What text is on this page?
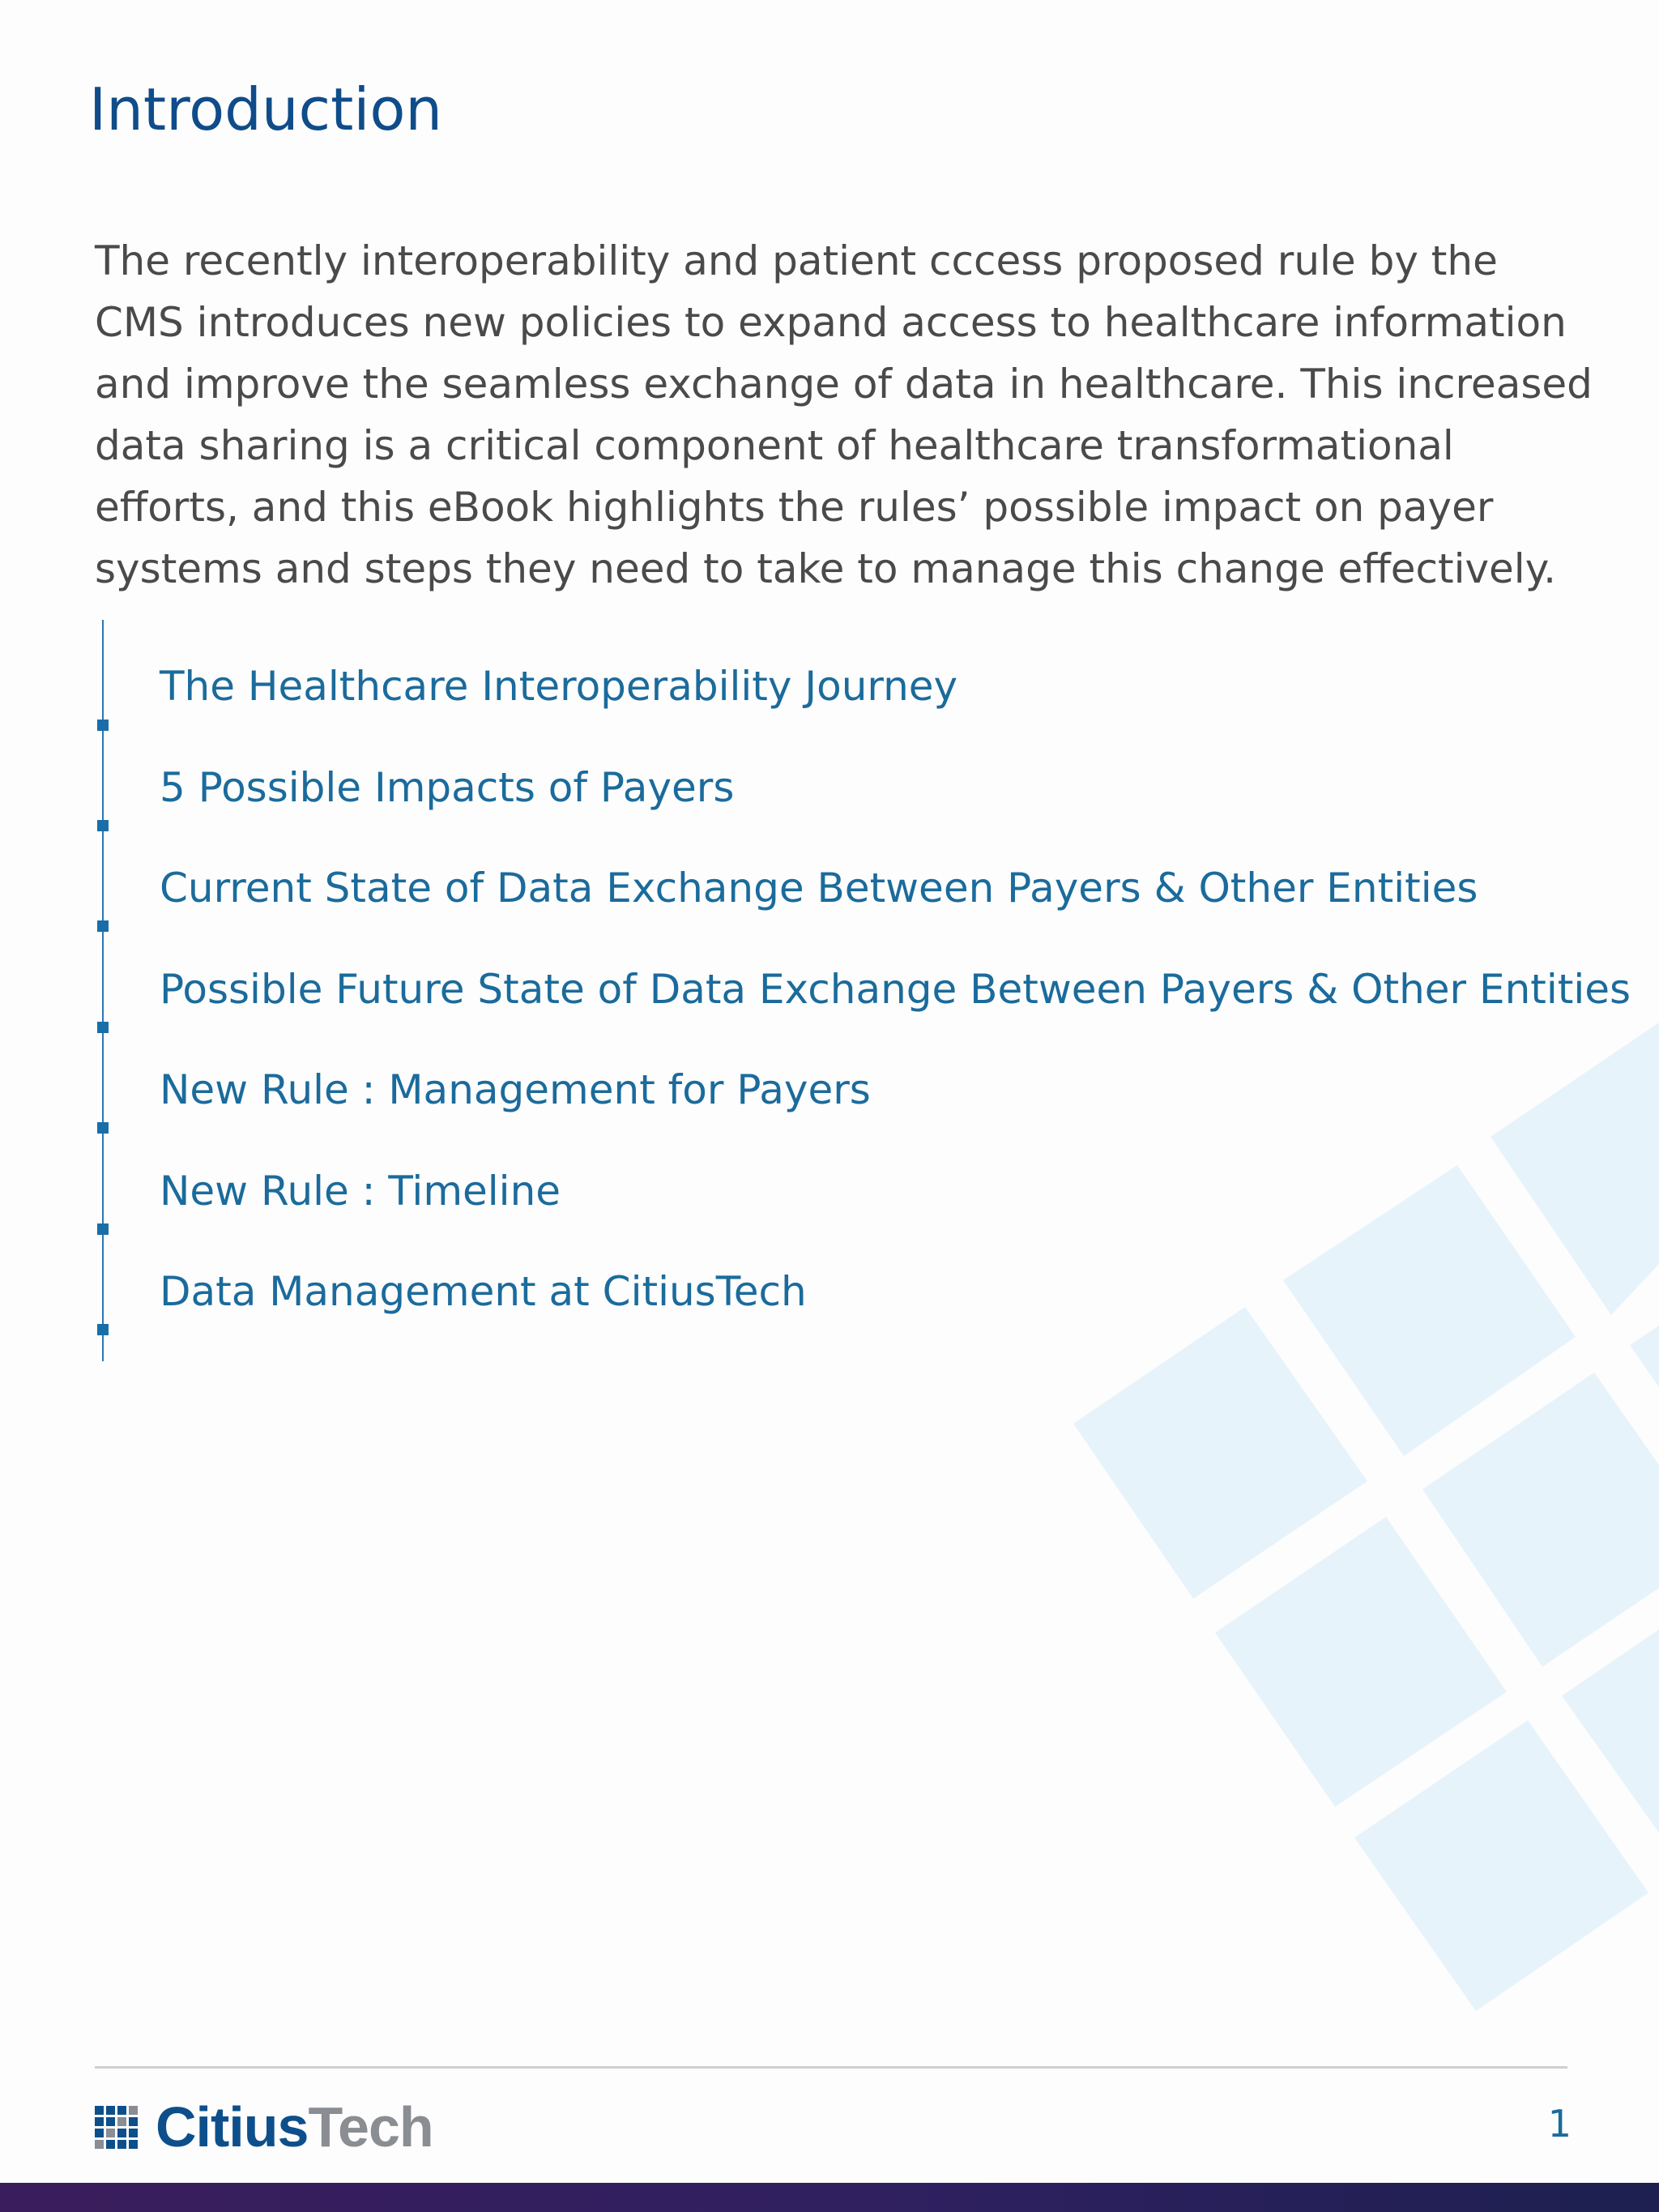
Introduction

The recently interoperability and patient cccess proposed rule by the CMS introduces new policies to expand access to healthcare information and improve the seamless exchange of data in healthcare. This increased data sharing is a critical component of healthcare transformational efforts, and this eBook highlights the rules’ possible impact on payer systems and steps they need to take to manage this change effectively.

The Healthcare Interoperability Journey
5 Possible Impacts of Payers
Current State of Data Exchange Between Payers & Other Entities
Possible Future State of Data Exchange Between Payers & Other Entities
New Rule : Management for Payers
New Rule : Timeline
Data Management at CitiusTech
Citius Tech	1
